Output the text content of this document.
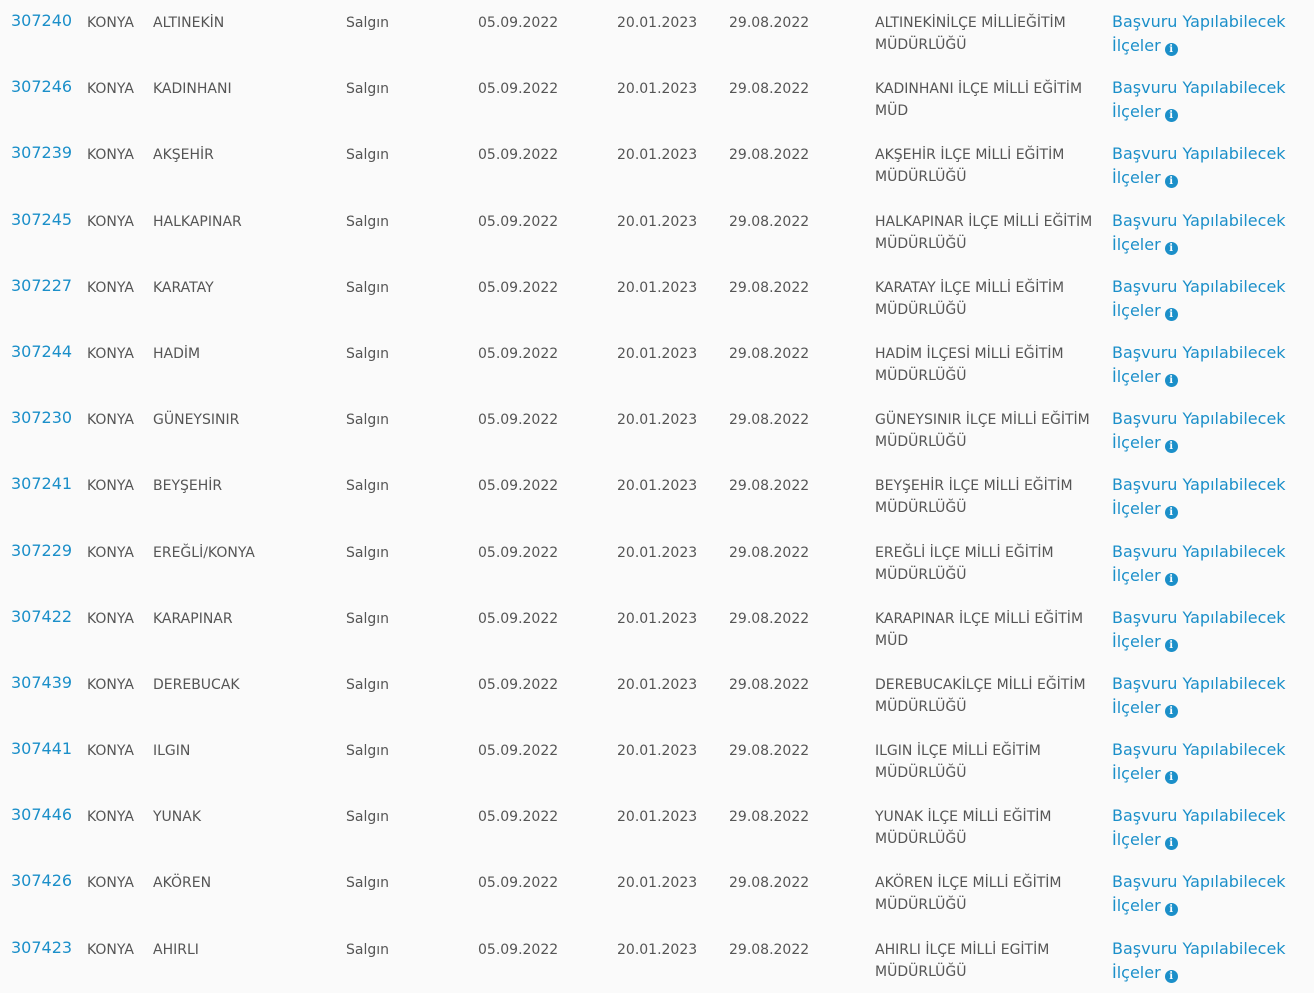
307240 KONYA ALTINEKİN	Salgın	05.09.2022	20.01.2023 29.08.2022	ALTINEKİNİLÇE MİLLİEĞİTİM MÜDÜRLÜĞÜ
Başvuru Yapılabilecek
İlçeler i
307246 KONYA KADINHANI	Salgın	05.09.2022	20.01.2023 29.08.2022	KADINHANI İLÇE MİLLİ EĞİTİM MÜD
Başvuru Yapılabilecek
İlçeler i
307239 KONYA AKŞEHİR	Salgın	05.09.2022	20.01.2023 29.08.2022	AKŞEHİR İLÇE MİLLİ EĞİTİM MÜDÜRLÜĞÜ
Başvuru Yapılabilecek
İlçeler i
307245 KONYA HALKAPINAR	Salgın	05.09.2022	20.01.2023 29.08.2022	HALKAPINAR İLÇE MİLLİ EĞİTİM MÜDÜRLÜĞÜ
Başvuru Yapılabilecek
İlçeler i
307227 KONYA KARATAY	Salgın	05.09.2022	20.01.2023 29.08.2022	KARATAY İLÇE MİLLİ EĞİTİM MÜDÜRLÜĞÜ
Başvuru Yapılabilecek
İlçeler i
307244 KONYA HADİM	Salgın	05.09.2022	20.01.2023 29.08.2022	HADİM İLÇESİ MİLLİ EĞİTİM MÜDÜRLÜĞÜ
Başvuru Yapılabilecek
İlçeler i
307230 KONYA GÜNEYSINIR	Salgın	05.09.2022	20.01.2023 29.08.2022	GÜNEYSINIR İLÇE MİLLİ EĞİTİM MÜDÜRLÜĞÜ
Başvuru Yapılabilecek
İlçeler i
307241 KONYA BEYŞEHİR	Salgın	05.09.2022	20.01.2023 29.08.2022	BEYŞEHİR İLÇE MİLLİ EĞİTİM MÜDÜRLÜĞÜ
Başvuru Yapılabilecek
İlçeler i
307229 KONYA EREĞLİ/KONYA	Salgın	05.09.2022	20.01.2023 29.08.2022	EREĞLİ İLÇE MİLLİ EĞİTİM MÜDÜRLÜĞÜ
Başvuru Yapılabilecek
İlçeler i
307422 KONYA KARAPINAR	Salgın	05.09.2022	20.01.2023 29.08.2022	KARAPINAR İLÇE MİLLİ EĞİTİM MÜD
Başvuru Yapılabilecek
İlçeler i
307439 KONYA DEREBUCAK	Salgın	05.09.2022	20.01.2023 29.08.2022	DEREBUCAKİLÇE MİLLİ EĞİTİM MÜDÜRLÜĞÜ
Başvuru Yapılabilecek
İlçeler i
307441 KONYA ILGIN	Salgın	05.09.2022	20.01.2023 29.08.2022	ILGIN İLÇE MİLLİ EĞİTİM MÜDÜRLÜĞÜ
Başvuru Yapılabilecek
İlçeler i
307446 KONYA YUNAK	Salgın	05.09.2022	20.01.2023 29.08.2022	YUNAK İLÇE MİLLİ EĞİTİM MÜDÜRLÜĞÜ
Başvuru Yapılabilecek
İlçeler i
307426 KONYA AKÖREN	Salgın	05.09.2022	20.01.2023 29.08.2022	AKÖREN İLÇE MİLLİ EĞİTİM MÜDÜRLÜĞÜ
Başvuru Yapılabilecek
İlçeler i
307423 KONYA AHIRLI	Salgın	05.09.2022	20.01.2023 29.08.2022	AHIRLI İLÇE MİLLİ EGİTİM MÜDÜRLÜĞÜ
Başvuru Yapılabilecek
İlçeler i
